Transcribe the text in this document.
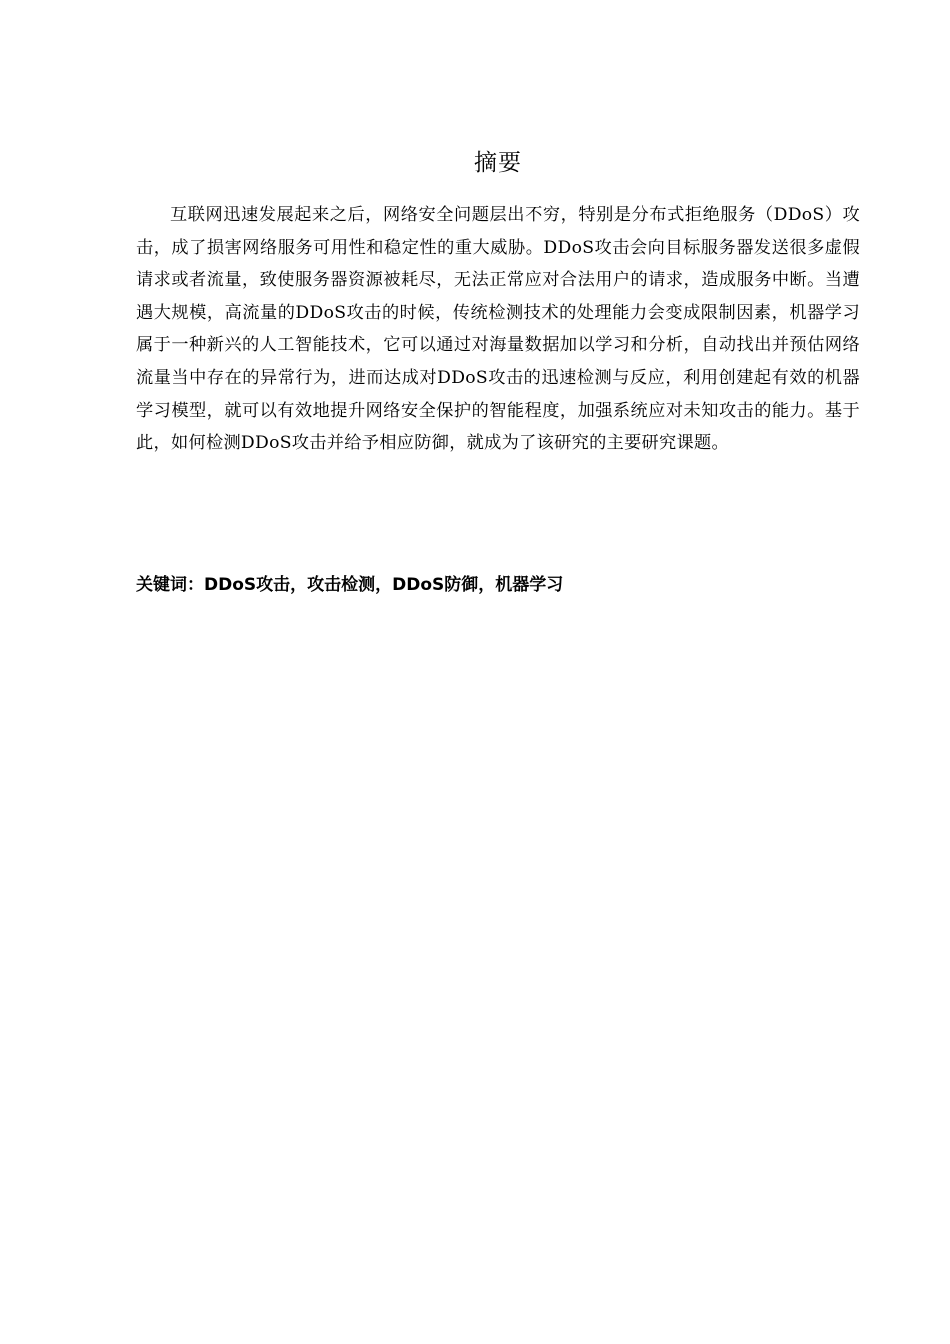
摘要

互联网迅速发展起来之后，网络安全问题层出不穷，特别是分布式拒绝服务（DDoS）攻击，成了损害网络服务可用性和稳定性的重大威胁。DDoS攻击会向目标服务器发送很多虚假请求或者流量，致使服务器资源被耗尽，无法正常应对合法用户的请求，造成服务中断。当遭遇大规模，高流量的DDoS攻击的时候，传统检测技术的处理能力会变成限制因素，机器学习属于一种新兴的人工智能技术，它可以通过对海量数据加以学习和分析，自动找出并预估网络流量当中存在的异常行为，进而达成对DDoS攻击的迅速检测与反应，利用创建起有效的机器学习模型，就可以有效地提升网络安全保护的智能程度，加强系统应对未知攻击的能力。基于此，如何检测DDoS攻击并给予相应防御，就成为了该研究的主要研究课题。

关键词：DDoS攻击，攻击检测，DDoS防御，机器学习
